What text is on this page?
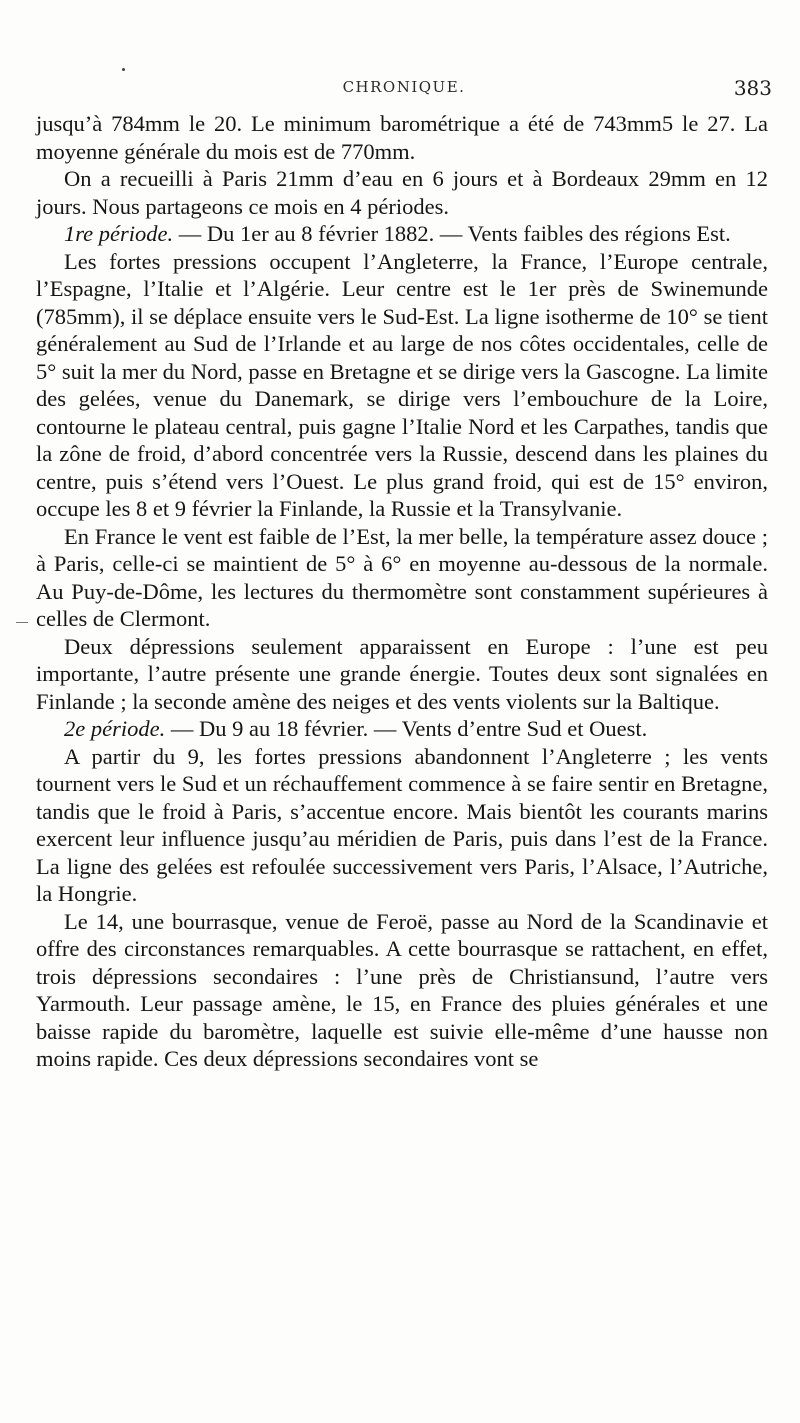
CHRONIQUE.	383

jusqu’à 784mm le 20. Le minimum barométrique a été de 743mm5 le 27. La moyenne générale du mois est de 770mm.

On a recueilli à Paris 21mm d’eau en 6 jours et à Bordeaux 29mm en 12 jours. Nous partageons ce mois en 4 périodes.

1re période. — Du 1er au 8 février 1882. — Vents faibles des régions Est.

Les fortes pressions occupent l’Angleterre, la France, l’Europe centrale, l’Espagne, l’Italie et l’Algérie. Leur centre est le 1er près de Swinemunde (785mm), il se déplace ensuite vers le Sud-Est. La ligne isotherme de 10° se tient généralement au Sud de l’Irlande et au large de nos côtes occidentales, celle de 5° suit la mer du Nord, passe en Bretagne et se dirige vers la Gascogne. La limite des gelées, venue du Danemark, se dirige vers l’embouchure de la Loire, contourne le plateau central, puis gagne l’Italie Nord et les Carpathes, tandis que la zône de froid, d’abord concentrée vers la Russie, descend dans les plaines du centre, puis s’étend vers l’Ouest. Le plus grand froid, qui est de 15° environ, occupe les 8 et 9 février la Finlande, la Russie et la Transylvanie.

En France le vent est faible de l’Est, la mer belle, la température assez douce ; à Paris, celle-ci se maintient de 5° à 6° en moyenne au-dessous de la normale. Au Puy-de-Dôme, les lectures du thermomètre sont constamment supérieures à celles de Clermont.

Deux dépressions seulement apparaissent en Europe : l’une est peu importante, l’autre présente une grande énergie. Toutes deux sont signalées en Finlande ; la seconde amène des neiges et des vents violents sur la Baltique.

2e période. — Du 9 au 18 février. — Vents d’entre Sud et Ouest.

A partir du 9, les fortes pressions abandonnent l’Angleterre ; les vents tournent vers le Sud et un réchauffement commence à se faire sentir en Bretagne, tandis que le froid à Paris, s’accentue encore. Mais bientôt les courants marins exercent leur influence jusqu’au méridien de Paris, puis dans l’est de la France. La ligne des gelées est refoulée successivement vers Paris, l’Alsace, l’Autriche, la Hongrie.

Le 14, une bourrasque, venue de Feroë, passe au Nord de la Scandinavie et offre des circonstances remarquables. A cette bourrasque se rattachent, en effet, trois dépressions secondaires : l’une près de Christiansund, l’autre vers Yarmouth. Leur passage amène, le 15, en France des pluies générales et une baisse rapide du baromètre, laquelle est suivie elle-même d’une hausse non moins rapide. Ces deux dépressions secondaires vont se
